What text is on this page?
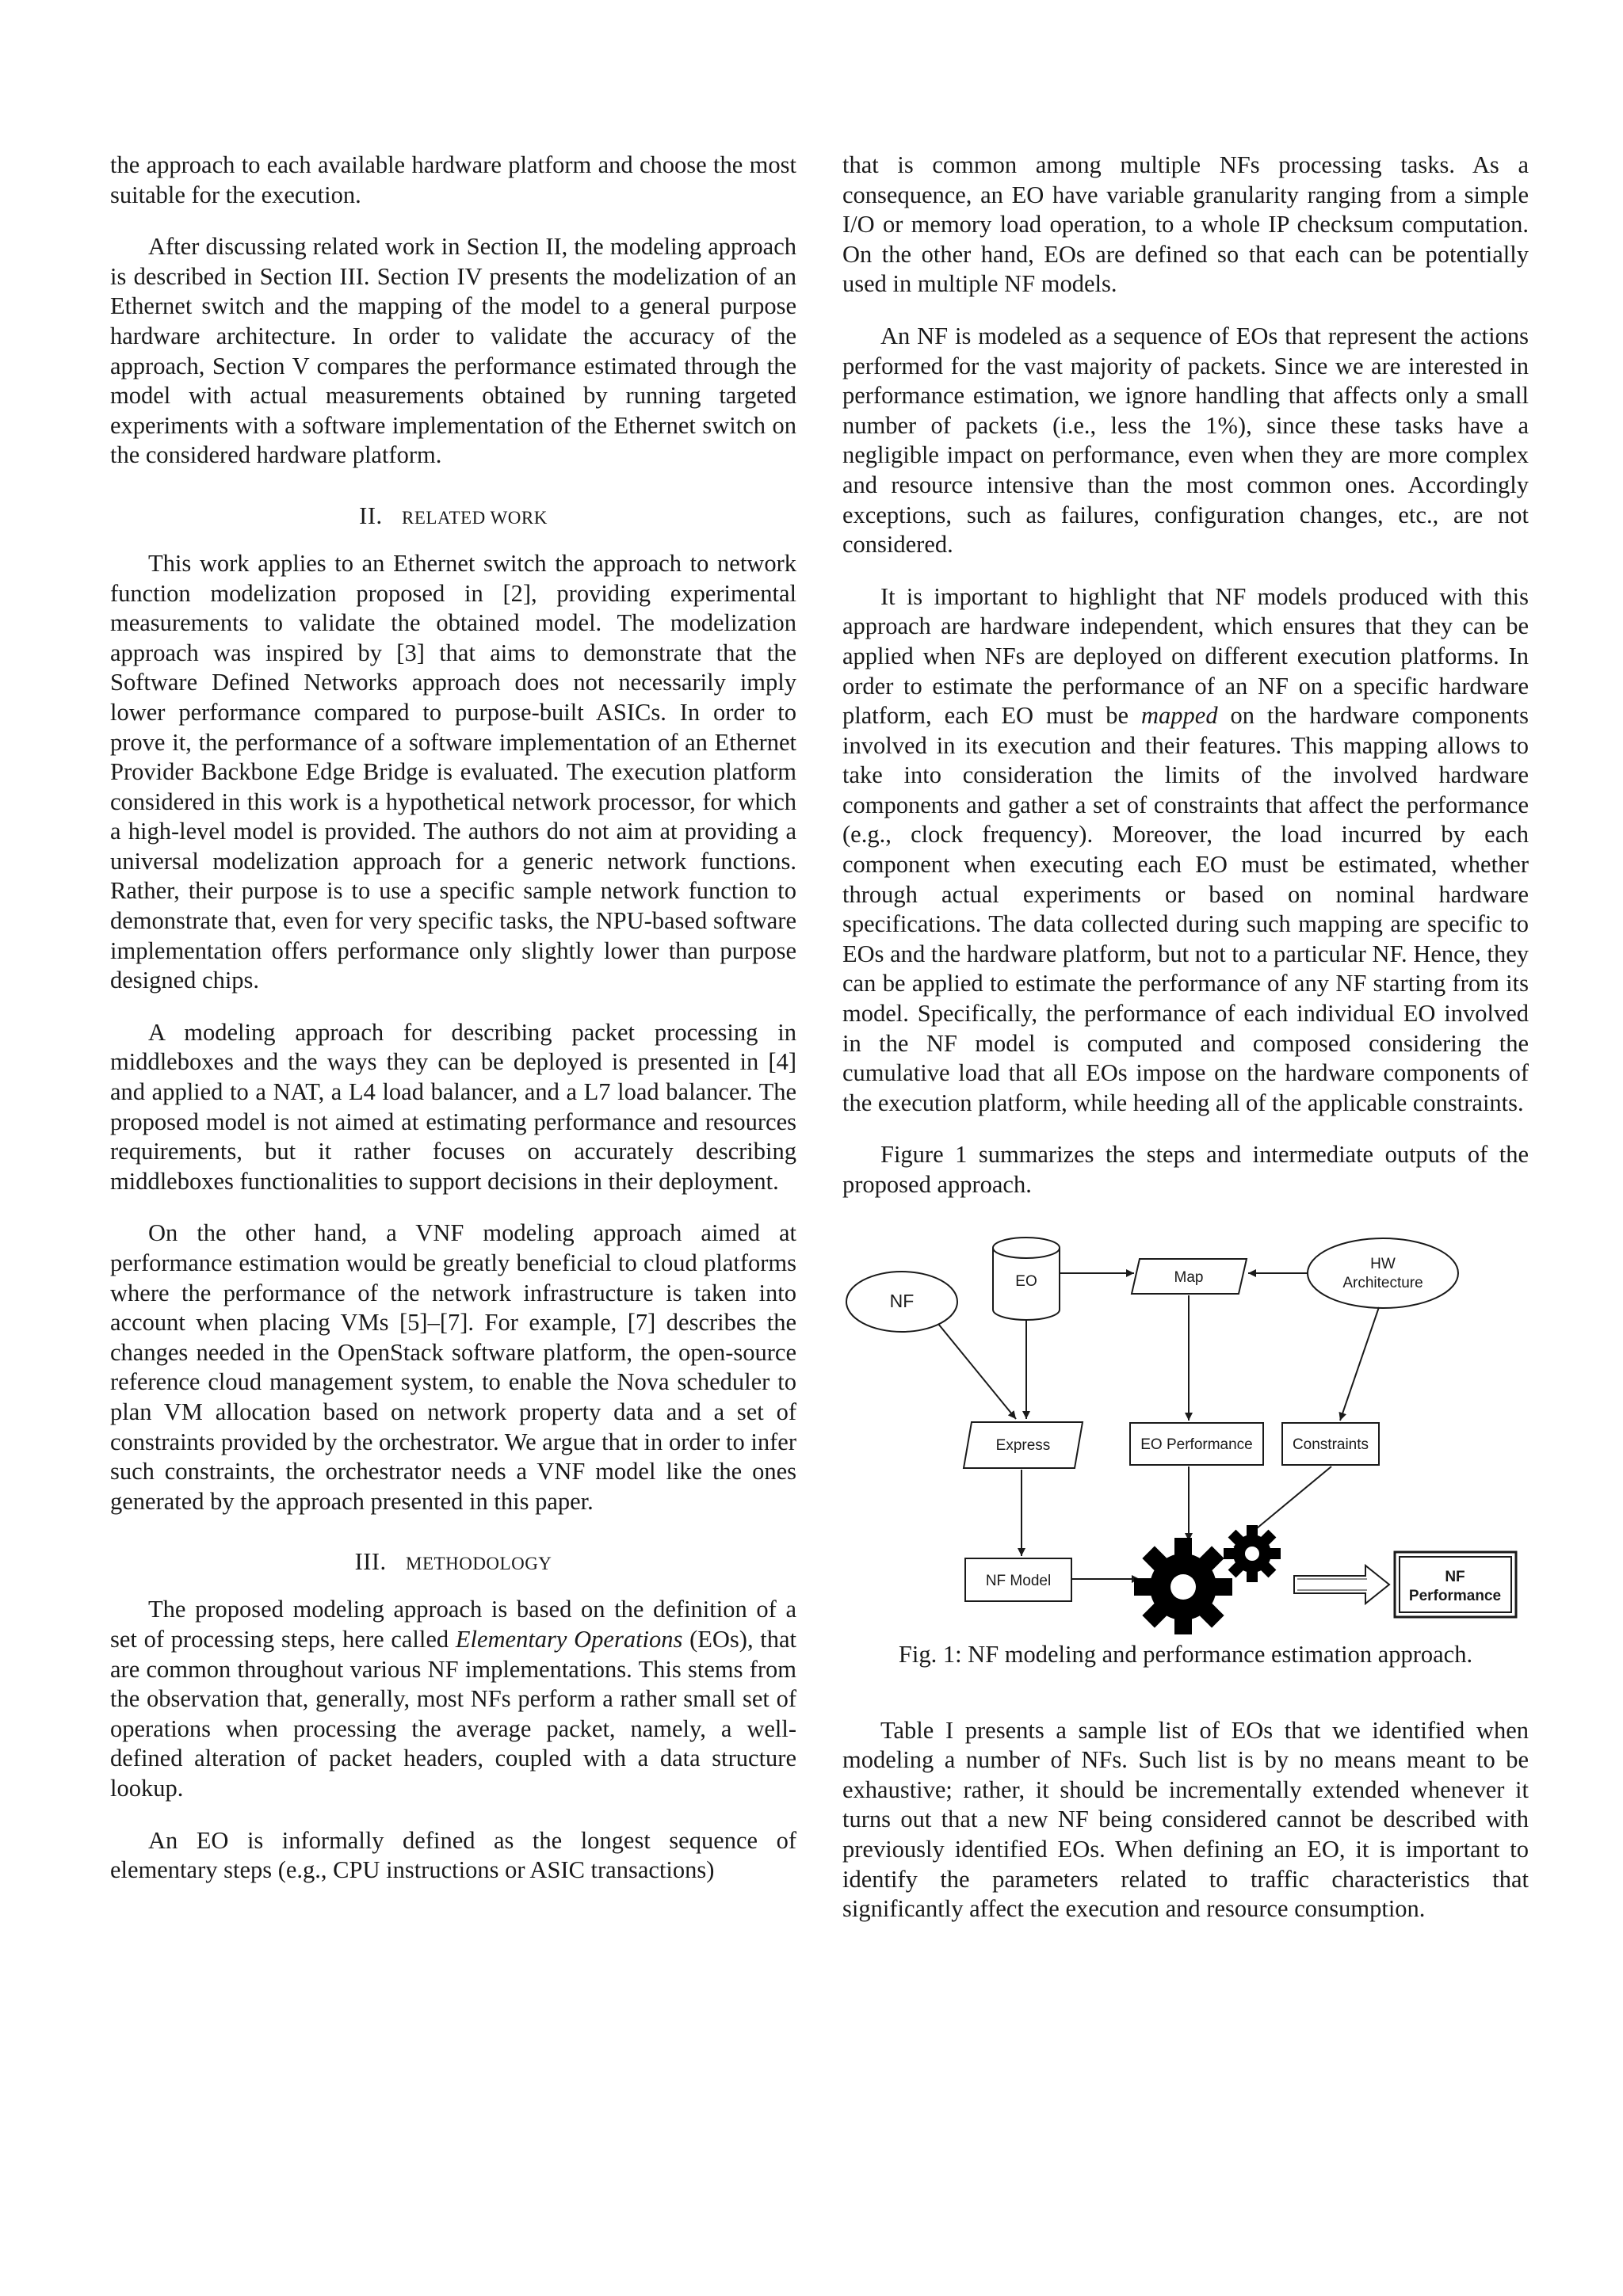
the approach to each available hardware platform and choose the most suitable for the execution.

After discussing related work in Section II, the modeling approach is described in Section III. Section IV presents the modelization of an Ethernet switch and the mapping of the model to a general purpose hardware architecture. In order to validate the accuracy of the approach, Section V compares the performance estimated through the model with actual measurements obtained by running targeted experiments with a software implementation of the Ethernet switch on the considered hardware platform.

II. RELATED WORK

This work applies to an Ethernet switch the approach to network function modelization proposed in [2], providing experimental measurements to validate the obtained model. The modelization approach was inspired by [3] that aims to demonstrate that the Software Defined Networks approach does not necessarily imply lower performance compared to purpose-built ASICs. In order to prove it, the performance of a software implementation of an Ethernet Provider Backbone Edge Bridge is evaluated. The execution platform considered in this work is a hypothetical network processor, for which a high-level model is provided. The authors do not aim at providing a universal modelization approach for a generic network functions. Rather, their purpose is to use a specific sample network function to demonstrate that, even for very specific tasks, the NPU-based software implementation offers performance only slightly lower than purpose designed chips.

A modeling approach for describing packet processing in middleboxes and the ways they can be deployed is presented in [4] and applied to a NAT, a L4 load balancer, and a L7 load balancer. The proposed model is not aimed at estimating performance and resources requirements, but it rather focuses on accurately describing middleboxes functionalities to support decisions in their deployment.

On the other hand, a VNF modeling approach aimed at performance estimation would be greatly beneficial to cloud platforms where the performance of the network infrastructure is taken into account when placing VMs [5]–[7]. For example, [7] describes the changes needed in the OpenStack software platform, the open-source reference cloud management system, to enable the Nova scheduler to plan VM allocation based on network property data and a set of constraints provided by the orchestrator. We argue that in order to infer such constraints, the orchestrator needs a VNF model like the ones generated by the approach presented in this paper.

III. METHODOLOGY

The proposed modeling approach is based on the definition of a set of processing steps, here called Elementary Operations (EOs), that are common throughout various NF implementations. This stems from the observation that, generally, most NFs perform a rather small set of operations when processing the average packet, namely, a well-defined alteration of packet headers, coupled with a data structure lookup.

An EO is informally defined as the longest sequence of elementary steps (e.g., CPU instructions or ASIC transactions)

that is common among multiple NFs processing tasks. As a consequence, an EO have variable granularity ranging from a simple I/O or memory load operation, to a whole IP checksum computation. On the other hand, EOs are defined so that each can be potentially used in multiple NF models.

An NF is modeled as a sequence of EOs that represent the actions performed for the vast majority of packets. Since we are interested in performance estimation, we ignore handling that affects only a small number of packets (i.e., less the 1%), since these tasks have a negligible impact on performance, even when they are more complex and resource intensive than the most common ones. Accordingly exceptions, such as failures, configuration changes, etc., are not considered.

It is important to highlight that NF models produced with this approach are hardware independent, which ensures that they can be applied when NFs are deployed on different execution platforms. In order to estimate the performance of an NF on a specific hardware platform, each EO must be mapped on the hardware components involved in its execution and their features. This mapping allows to take into consideration the limits of the involved hardware components and gather a set of constraints that affect the performance (e.g., clock frequency). Moreover, the load incurred by each component when executing each EO must be estimated, whether through actual experiments or based on nominal hardware specifications. The data collected during such mapping are specific to EOs and the hardware platform, but not to a particular NF. Hence, they can be applied to estimate the performance of any NF starting from its model. Specifically, the performance of each individual EO involved in the NF model is computed and composed considering the cumulative load that all EOs impose on the hardware components of the execution platform, while heeding all of the applicable constraints.

Figure 1 summarizes the steps and intermediate outputs of the proposed approach.

NF
EO	Map
HW
Architecture
Express	EO Performance	Constraints
NF Model	NF
Performance
Fig. 1: NF modeling and performance estimation approach.

Table I presents a sample list of EOs that we identified when modeling a number of NFs. Such list is by no means meant to be exhaustive; rather, it should be incrementally extended whenever it turns out that a new NF being considered cannot be described with previously identified EOs. When defining an EO, it is important to identify the parameters related to traffic characteristics that significantly affect the execution and resource consumption.
